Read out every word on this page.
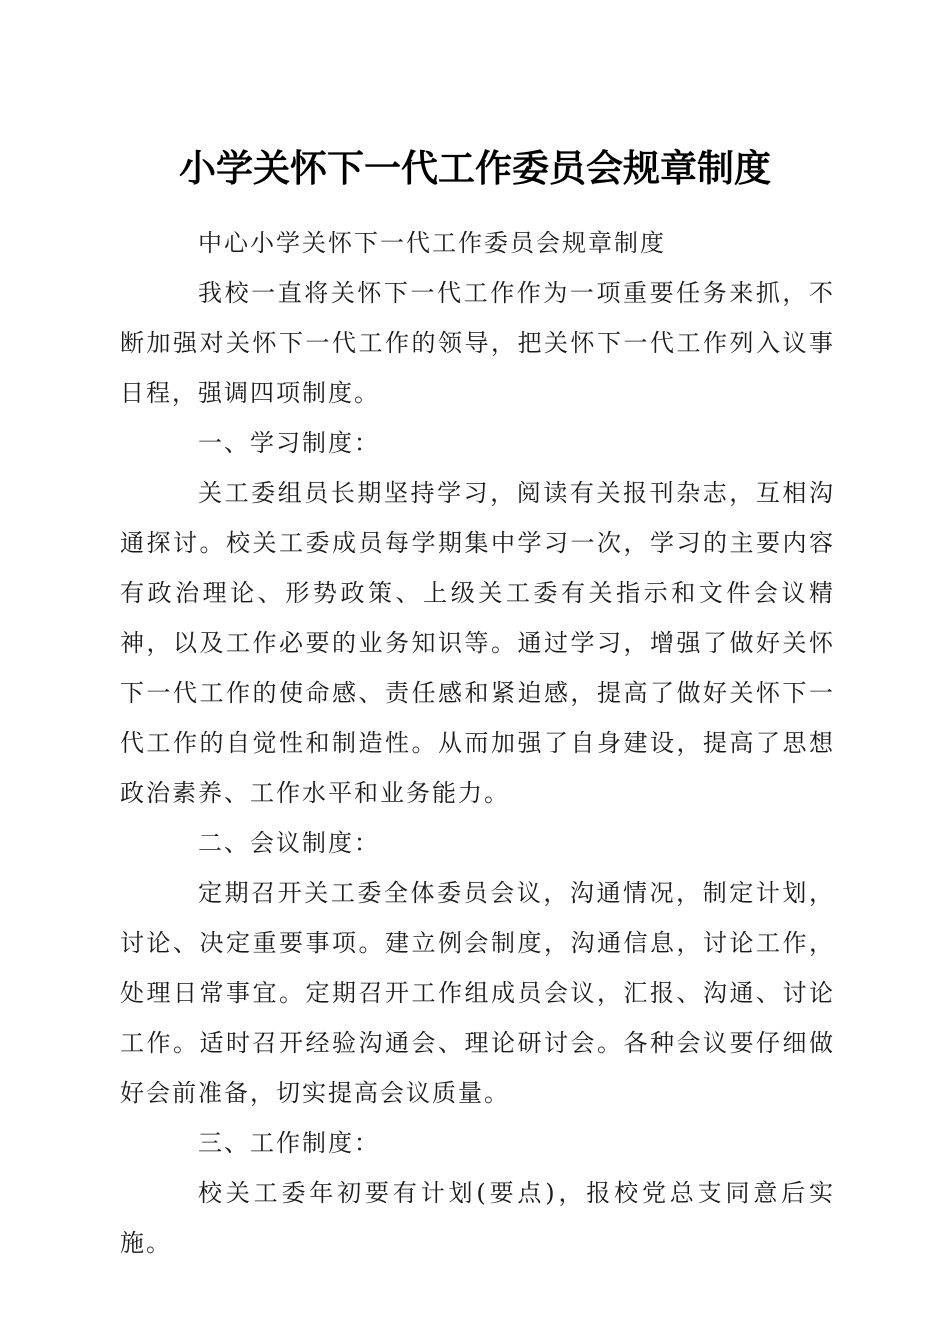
小学关怀下一代工作委员会规章制度

中心小学关怀下一代工作委员会规章制度

我校一直将关怀下一代工作作为一项重要任务来抓，不断加强对关怀下一代工作的领导，把关怀下一代工作列入议事日程，强调四项制度。

一、学习制度：

关工委组员长期坚持学习，阅读有关报刊杂志，互相沟通探讨。校关工委成员每学期集中学习一次，学习的主要内容有政治理论、形势政策、上级关工委有关指示和文件会议精神，以及工作必要的业务知识等。通过学习，增强了做好关怀下一代工作的使命感、责任感和紧迫感，提高了做好关怀下一代工作的自觉性和制造性。从而加强了自身建设，提高了思想政治素养、工作水平和业务能力。

二、会议制度：

定期召开关工委全体委员会议，沟通情况，制定计划，讨论、决定重要事项。建立例会制度，沟通信息，讨论工作，处理日常事宜。定期召开工作组成员会议，汇报、沟通、讨论工作。适时召开经验沟通会、理论研讨会。各种会议要仔细做好会前准备，切实提高会议质量。

三、工作制度：

校关工委年初要有计划(要点)，报校党总支同意后实施。
